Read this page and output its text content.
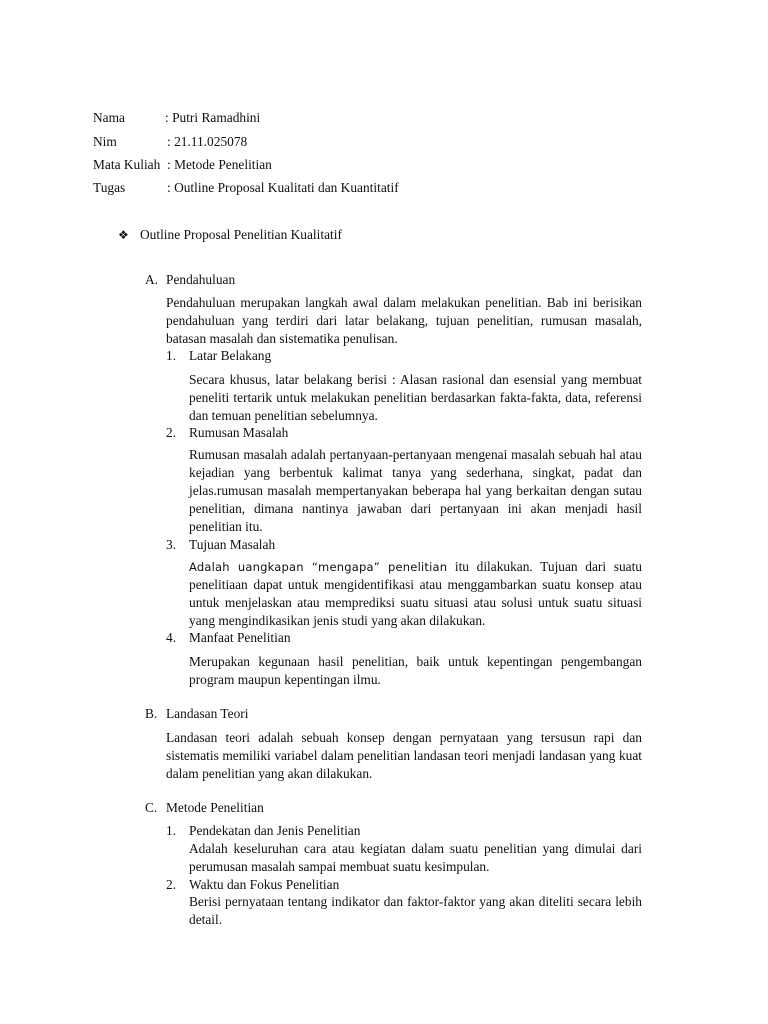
Nama	: Putri Ramadhini
Nim	: 21.11.025078
Mata Kuliah : Metode Penelitian
Tugas	: Outline Proposal Kualitati dan Kuantitatif
❖ Outline Proposal Penelitian Kualitatif
A. Pendahuluan
Pendahuluan merupakan langkah awal dalam melakukan penelitian. Bab ini berisikan pendahuluan yang terdiri dari latar belakang, tujuan penelitian, rumusan masalah, batasan masalah dan sistematika penulisan.
1. Latar Belakang
Secara khusus, latar belakang berisi : Alasan rasional dan esensial yang membuat peneliti tertarik untuk melakukan penelitian berdasarkan fakta-fakta, data, referensi dan temuan penelitian sebelumnya.
2. Rumusan Masalah
Rumusan masalah adalah pertanyaan-pertanyaan mengenai masalah sebuah hal atau kejadian yang berbentuk kalimat tanya yang sederhana, singkat, padat dan jelas.rumusan masalah mempertanyakan beberapa hal yang berkaitan dengan sutau penelitian, dimana nantinya jawaban dari pertanyaan ini akan menjadi hasil penelitian itu.
3. Tujuan Masalah
Adalah uangkapan “mengapa” penelitian itu dilakukan. Tujuan dari suatu penelitiaan dapat untuk mengidentifikasi atau menggambarkan suatu konsep atau untuk menjelaskan atau memprediksi suatu situasi atau solusi untuk suatu situasi yang mengindikasikan jenis studi yang akan dilakukan.
4. Manfaat Penelitian
Merupakan kegunaan hasil penelitian, baik untuk kepentingan pengembangan program maupun kepentingan ilmu.
B. Landasan Teori
Landasan teori adalah sebuah konsep dengan pernyataan yang tersusun rapi dan sistematis memiliki variabel dalam penelitian landasan teori menjadi landasan yang kuat dalam penelitian yang akan dilakukan.
C. Metode Penelitian
1. Pendekatan dan Jenis Penelitian
Adalah keseluruhan cara atau kegiatan dalam suatu penelitian yang dimulai dari perumusan masalah sampai membuat suatu kesimpulan.
2. Waktu dan Fokus Penelitian
Berisi pernyataan tentang indikator dan faktor-faktor yang akan diteliti secara lebih detail.
